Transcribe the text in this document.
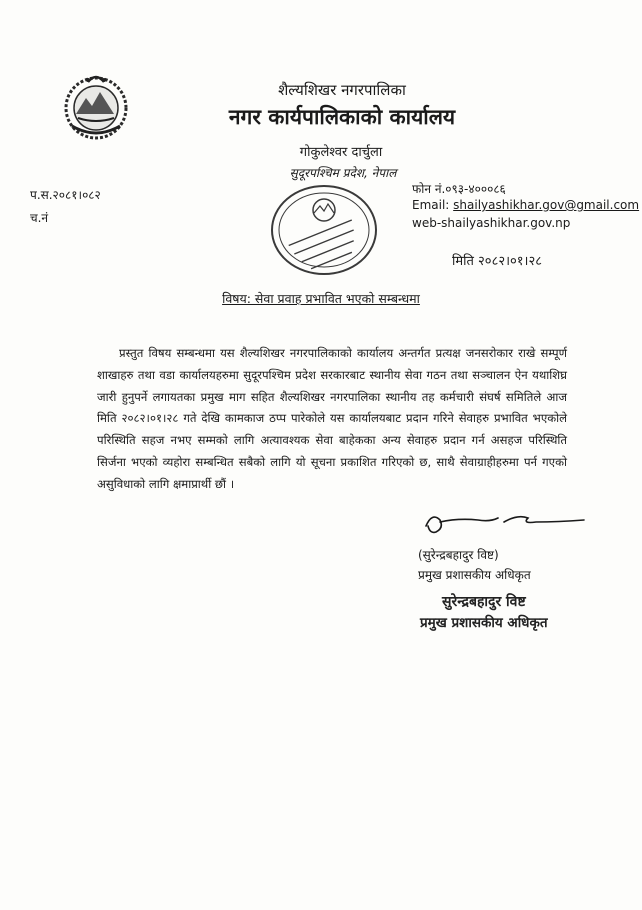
शैल्यशिखर नगरपालिका
नगर कार्यपालिकाको कार्यालय
गोकुलेश्वर दार्चुला
सुदूरपश्चिम प्रदेश, नेपाल
प.स.२०८१।०८२
च.नं
फोन नं.०९३-४०००८६
Email: shailyashikhar.gov@gmail.com
web-shailyashikhar.gov.np
मिति २०८२।०१।२८
विषय: सेवा प्रवाह प्रभावित भएको सम्बन्धमा
प्रस्तुत विषय सम्बन्धमा यस शैल्यशिखर नगरपालिकाको कार्यालय अन्तर्गत प्रत्यक्ष जनसरोकार राखे सम्पूर्ण शाखाहरु तथा वडा कार्यालयहरुमा सुदूरपश्चिम प्रदेश सरकारबाट स्थानीय सेवा गठन तथा सञ्चालन ऐन यथाशिघ्र जारी हुनुपर्ने लगायतका प्रमुख माग सहित शैल्यशिखर नगरपालिका स्थानीय तह कर्मचारी संघर्ष समितिले आज मिति २०८२।०१।२८ गते देखि कामकाज ठप्प पारेकोले यस कार्यालयबाट प्रदान गरिने सेवाहरु प्रभावित भएकोले परिस्थिति सहज नभए सम्मको लागि अत्यावश्यक सेवा बाहेकका अन्य सेवाहरु प्रदान गर्न असहज परिस्थिति सिर्जना भएको व्यहोरा सम्बन्धित सबैको लागि यो सूचना प्रकाशित गरिएको छ, साथै सेवाग्राहीहरुमा पर्न गएको असुविधाको लागि क्षमाप्रार्थी छौं ।
(सुरेन्द्रबहादुर विष्ट)
प्रमुख प्रशासकीय अधिकृत
सुरेन्द्रबहादुर विष्ट
प्रमुख प्रशासकीय अधिकृत
